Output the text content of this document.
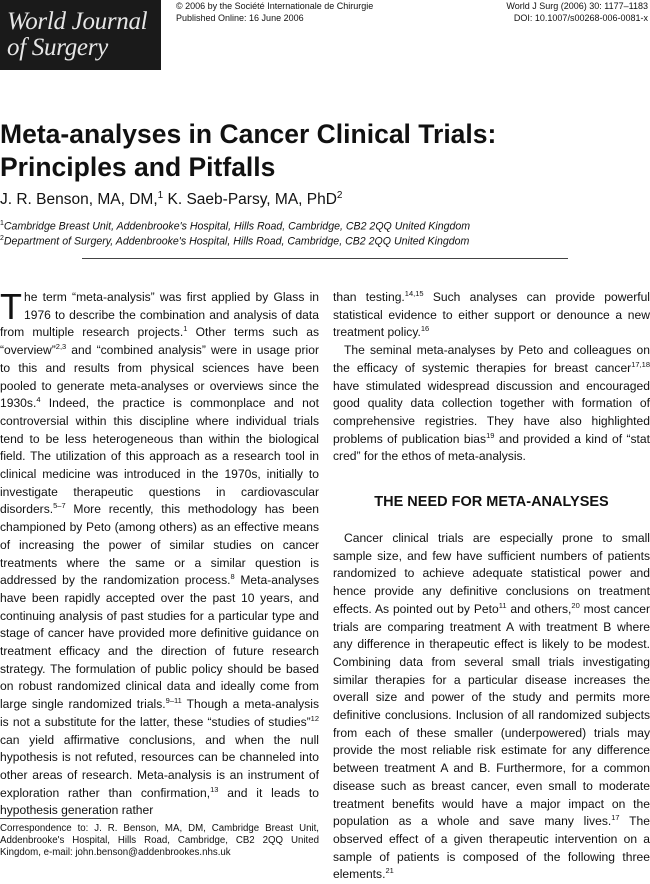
World Journal
of Surgery
© 2006 by the Société Internationale de Chirurgie
Published Online: 16 June 2006
World J Surg (2006) 30: 1177–1183
DOI: 10.1007/s00268-006-0081-x
Meta-analyses in Cancer Clinical Trials:
Principles and Pitfalls
J. R. Benson, MA, DM,$^1$ K. Saeb-Parsy, MA, PhD$^2$
$^1$Cambridge Breast Unit, Addenbrooke's Hospital, Hills Road, Cambridge, CB2 2QQ United Kingdom
$^2$Department of Surgery, Addenbrooke's Hospital, Hills Road, Cambridge, CB2 2QQ United Kingdom

The term “meta-analysis” was first applied by Glass in 1976 to describe the combination and analysis of data from multiple research projects.$^1$ Other terms such as “overview”$^{2,3}$ and “combined analysis” were in usage prior to this and results from physical sciences have been pooled to generate meta-analyses or overviews since the 1930s.$^4$ Indeed, the practice is commonplace and not controversial within this discipline where individual trials tend to be less heterogeneous than within the biological field. The utilization of this approach as a research tool in clinical medicine was introduced in the 1970s, initially to investigate therapeutic questions in cardiovascular disorders.$^{5-7}$ More recently, this methodology has been championed by Peto (among others) as an effective means of increasing the power of similar studies on cancer treatments where the same or a similar question is addressed by the randomization process.$^8$ Meta-analyses have been rapidly accepted over the past 10 years, and continuing analysis of past studies for a particular type and stage of cancer have provided more definitive guidance on treatment efficacy and the direction of future research strategy. The formulation of public policy should be based on robust randomized clinical data and ideally come from large single randomized trials.$^{9-11}$ Though a meta-analysis is not a substitute for the latter, these “studies of studies”$^{12}$ can yield affirmative conclusions, and when the null hypothesis is not refuted, resources can be channeled into other areas of research. Meta-analysis is an instrument of exploration rather than confirmation,$^{13}$ and it leads to hypothesis generation rather

than testing.$^{14,15}$ Such analyses can provide powerful statistical evidence to either support or denounce a new treatment policy.$^{16}$

The seminal meta-analyses by Peto and colleagues on the efficacy of systemic therapies for breast cancer$^{17,18}$ have stimulated widespread discussion and encouraged good quality data collection together with formation of comprehensive registries. They have also highlighted problems of publication bias$^{19}$ and provided a kind of “stat cred” for the ethos of meta-analysis.

THE NEED FOR META-ANALYSES

Cancer clinical trials are especially prone to small sample size, and few have sufficient numbers of patients randomized to achieve adequate statistical power and hence provide any definitive conclusions on treatment effects. As pointed out by Peto$^{11}$ and others,$^{20}$ most cancer trials are comparing treatment A with treatment B where any difference in therapeutic effect is likely to be modest. Combining data from several small trials investigating similar therapies for a particular disease increases the overall size and power of the study and permits more definitive conclusions. Inclusion of all randomized subjects from each of these smaller (underpowered) trials may provide the most reliable risk estimate for any difference between treatment A and B. Furthermore, for a common disease such as breast cancer, even small to moderate treatment benefits would have a major impact on the population as a whole and save many lives.$^{17}$ The observed effect of a given therapeutic intervention on a sample of patients is composed of the following three elements.$^{21}$

Correspondence to: J. R. Benson, MA, DM, Cambridge Breast Unit, Addenbrooke's Hospital, Hills Road, Cambridge, CB2 2QQ United Kingdom, e-mail: john.benson@addenbrookes.nhs.uk
